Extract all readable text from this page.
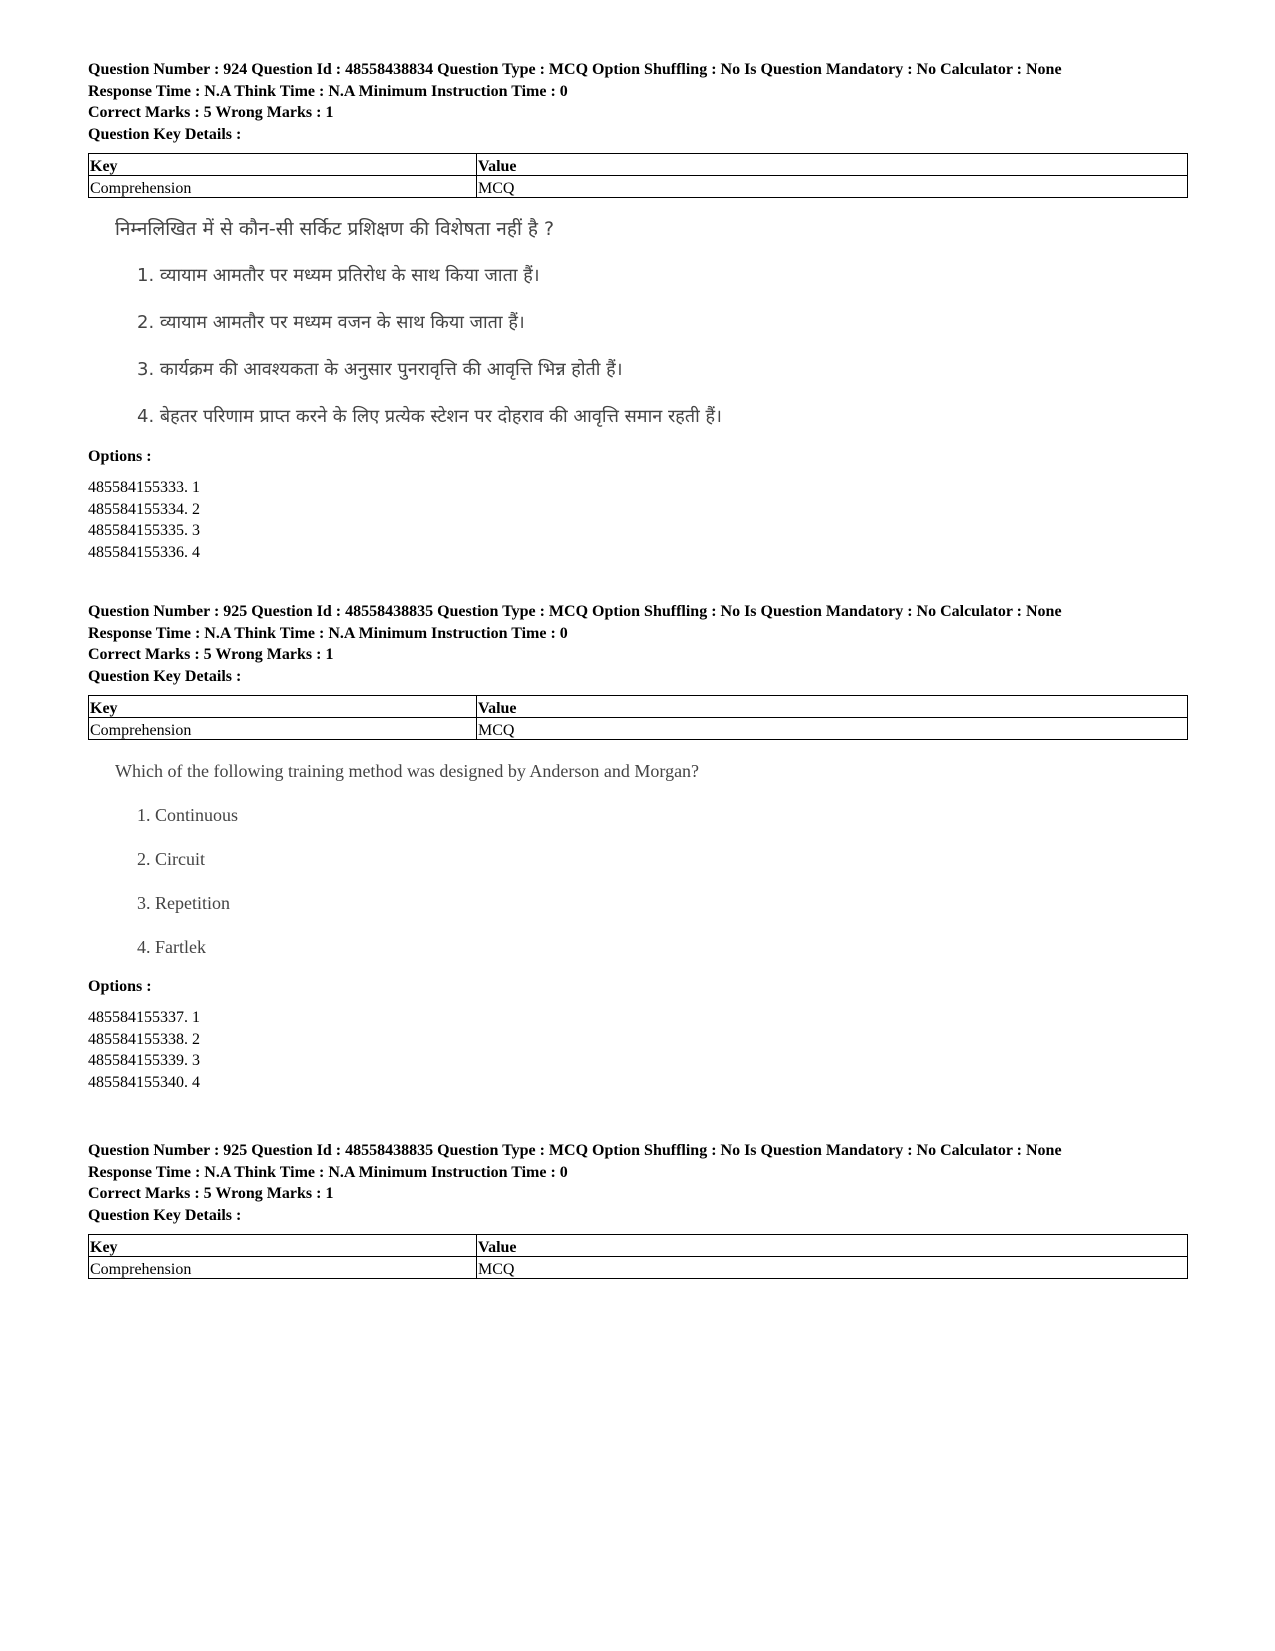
Question Number : 924 Question Id : 48558438834 Question Type : MCQ Option Shuffling : No Is Question Mandatory : No Calculator : None
Response Time : N.A Think Time : N.A Minimum Instruction Time : 0
Correct Marks : 5 Wrong Marks : 1
Question Key Details :
Key	Value
Comprehension	MCQ
निम्नलिखित में से कौन-सी सर्किट प्रशिक्षण की विशेषता नहीं है ?
1. व्यायाम आमतौर पर मध्यम प्रतिरोध के साथ किया जाता हैं।
2. व्यायाम आमतौर पर मध्यम वजन के साथ किया जाता हैं।
3. कार्यक्रम की आवश्यकता के अनुसार पुनरावृत्ति की आवृत्ति भिन्न होती हैं।
4. बेहतर परिणाम प्राप्त करने के लिए प्रत्येक स्टेशन पर दोहराव की आवृत्ति समान रहती हैं।
Options :
485584155333. 1
485584155334. 2
485584155335. 3
485584155336. 4
Question Number : 925 Question Id : 48558438835 Question Type : MCQ Option Shuffling : No Is Question Mandatory : No Calculator : None
Response Time : N.A Think Time : N.A Minimum Instruction Time : 0
Correct Marks : 5 Wrong Marks : 1
Question Key Details :
Key	Value
Comprehension	MCQ
Which of the following training method was designed by Anderson and Morgan?
1. Continuous
2. Circuit
3. Repetition
4. Fartlek
Options :
485584155337. 1
485584155338. 2
485584155339. 3
485584155340. 4
Question Number : 925 Question Id : 48558438835 Question Type : MCQ Option Shuffling : No Is Question Mandatory : No Calculator : None
Response Time : N.A Think Time : N.A Minimum Instruction Time : 0
Correct Marks : 5 Wrong Marks : 1
Question Key Details :
Key	Value
Comprehension	MCQ
